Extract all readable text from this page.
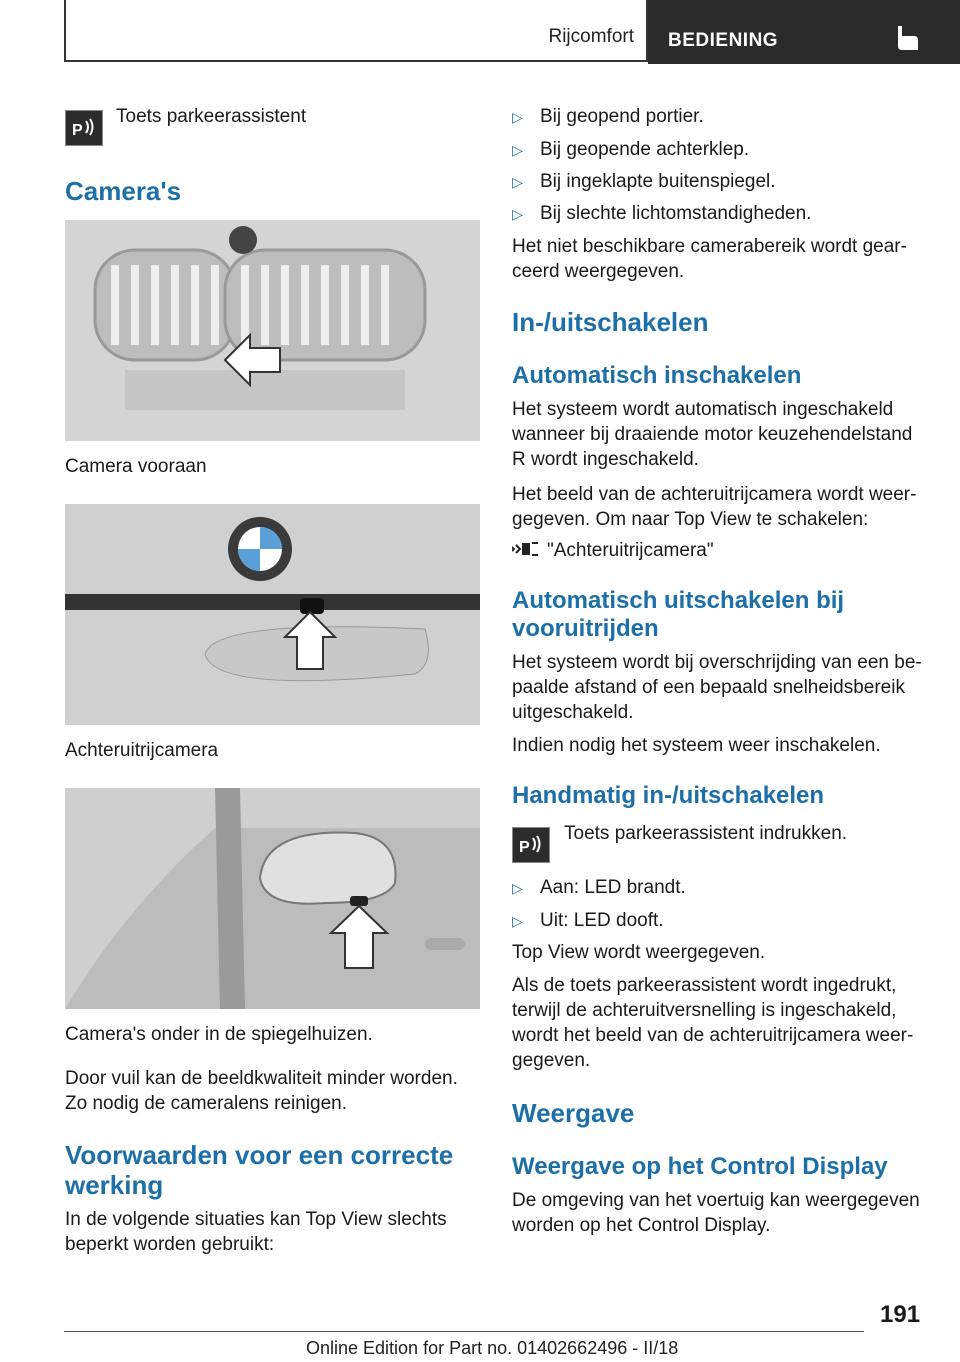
Rijcomfort BEDIENING
P
Toets parkeerassistent
Camera's
Camera vooraan
Achteruitrijcamera
Camera's onder in de spiegelhuizen.
Door vuil kan de beeldkwaliteit minder worden.
Zo nodig de cameralens reinigen.
Voorwaarden voor een correcte
werking
In de volgende situaties kan Top View slechts
beperkt worden gebruikt:
▷ Bij geopend portier.
▷ Bij geopende achterklep.
▷ Bij ingeklapte buitenspiegel.
▷ Bij slechte lichtomstandigheden.
Het niet beschikbare camerabereik wordt gear-
ceerd weergegeven.
In-/uitschakelen
Automatisch inschakelen
Het systeem wordt automatisch ingeschakeld
wanneer bij draaiende motor keuzehendelstand
R wordt ingeschakeld.
Het beeld van de achteruitrijcamera wordt weer-
gegeven. Om naar Top View te schakelen:
"Achteruitrijcamera"
Automatisch uitschakelen bij
vooruitrijden
Het systeem wordt bij overschrijding van een be-
paalde afstand of een bepaald snelheidsbereik
uitgeschakeld.
Indien nodig het systeem weer inschakelen.
Handmatig in-/uitschakelen
P
Toets parkeerassistent indrukken.
▷ Aan: LED brandt.
▷ Uit: LED dooft.
Top View wordt weergegeven.
Als de toets parkeerassistent wordt ingedrukt,
terwijl de achteruitversnelling is ingeschakeld,
wordt het beeld van de achteruitrijcamera weer-
gegeven.
Weergave
Weergave op het Control Display
De omgeving van het voertuig kan weergegeven
worden op het Control Display.
191
Online Edition for Part no. 01402662496 - II/18
